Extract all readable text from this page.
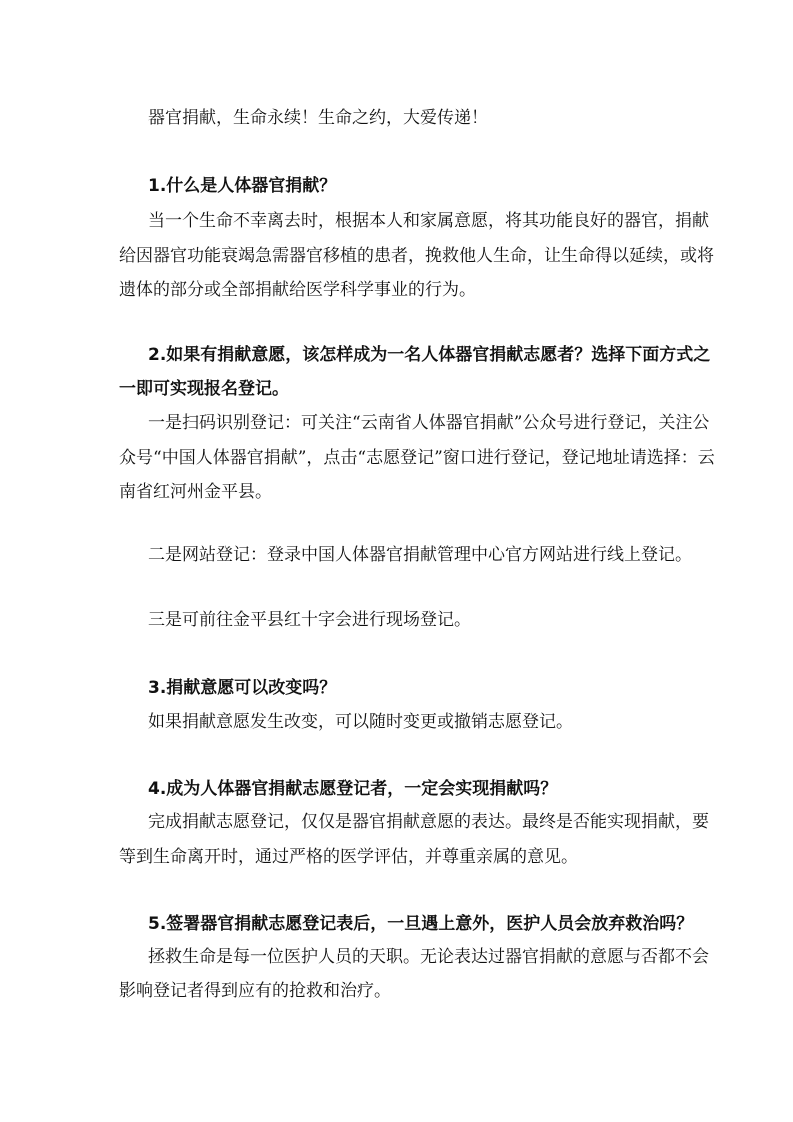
器官捐献，生命永续！生命之约，大爱传递！
1.什么是人体器官捐献？
当一个生命不幸离去时，根据本人和家属意愿，将其功能良好的器官，捐献
给因器官功能衰竭急需器官移植的患者，挽救他人生命，让生命得以延续，或将
遗体的部分或全部捐献给医学科学事业的行为。
2.如果有捐献意愿，该怎样成为一名人体器官捐献志愿者？选择下面方式之
一即可实现报名登记。
一是扫码识别登记：可关注“云南省人体器官捐献”公众号进行登记，关注公
众号“中国人体器官捐献”，点击“志愿登记”窗口进行登记，登记地址请选择：云
南省红河州金平县。
二是网站登记：登录中国人体器官捐献管理中心官方网站进行线上登记。
三是可前往金平县红十字会进行现场登记。
3.捐献意愿可以改变吗？
如果捐献意愿发生改变，可以随时变更或撤销志愿登记。
4.成为人体器官捐献志愿登记者，一定会实现捐献吗？
完成捐献志愿登记，仅仅是器官捐献意愿的表达。最终是否能实现捐献，要
等到生命离开时，通过严格的医学评估，并尊重亲属的意见。
5.签署器官捐献志愿登记表后，一旦遇上意外，医护人员会放弃救治吗？
拯救生命是每一位医护人员的天职。无论表达过器官捐献的意愿与否都不会
影响登记者得到应有的抢救和治疗。
